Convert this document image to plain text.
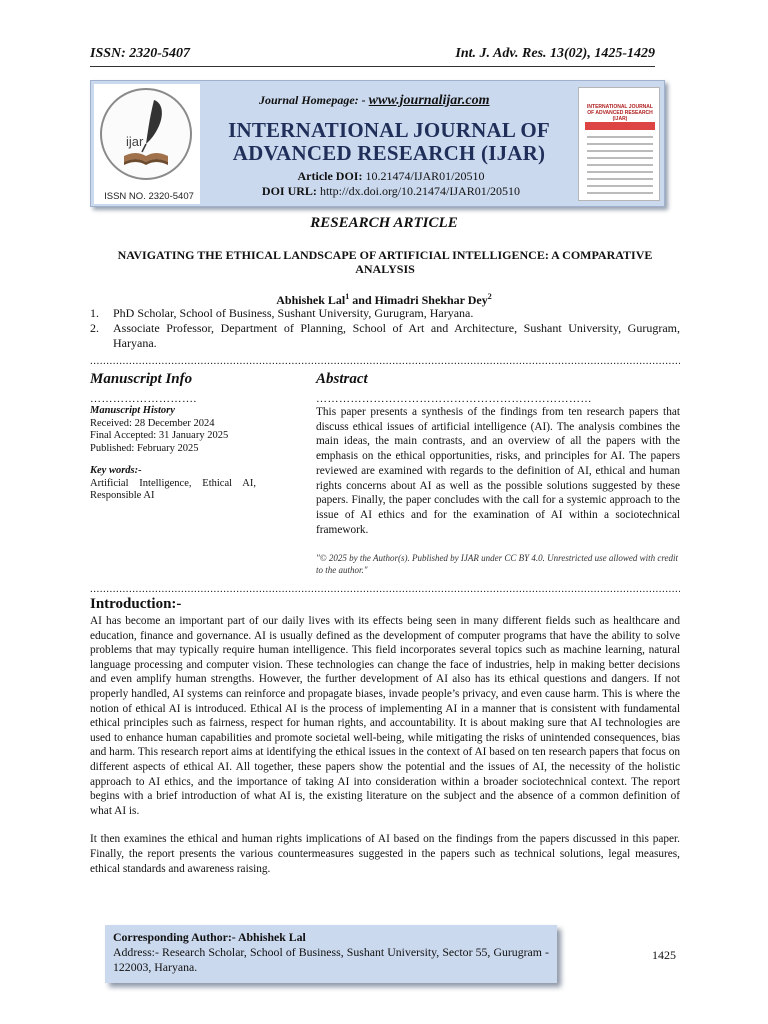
ISSN: 2320-5407	Int. J. Adv. Res. 13(02), 1425-1429
ijar
ISSN NO. 2320-5407
Journal Homepage: - www.journalijar.com
INTERNATIONAL JOURNAL OF ADVANCED RESEARCH (IJAR)
Article DOI: 10.21474/IJAR01/20510
DOI URL: http://dx.doi.org/10.21474/IJAR01/20510
INTERNATIONAL JOURNAL OF ADVANCED RESEARCH (IJAR)
RESEARCH ARTICLE
NAVIGATING THE ETHICAL LANDSCAPE OF ARTIFICIAL INTELLIGENCE: A COMPARATIVE ANALYSIS
Abhishek Lal$^1$ and Himadri Shekhar Dey$^2$
1.	PhD Scholar, School of Business, Sushant University, Gurugram, Haryana.
2.	Associate Professor, Department of Planning, School of Art and Architecture, Sushant University, Gurugram, Haryana.
.....
Manuscript Info	Abstract
……………………….	………………………………………………………………
Manuscript History
Received: 28 December 2024
Final Accepted: 31 January 2025
Published: February 2025
Key words:-
Artificial Intelligence, Ethical AI, Responsible AI
This paper presents a synthesis of the findings from ten research papers that discuss ethical issues of artificial intelligence (AI). The analysis combines the main ideas, the main contrasts, and an overview of all the papers with the emphasis on the ethical opportunities, risks, and principles for AI. The papers reviewed are examined with regards to the definition of AI, ethical and human rights concerns about AI as well as the possible solutions suggested by these papers. Finally, the paper concludes with the call for a systemic approach to the issue of AI ethics and for the examination of AI within a sociotechnical framework.
"© 2025 by the Author(s). Published by IJAR under CC BY 4.0. Unrestricted use allowed with credit to the author."
.....
Introduction:-

AI has become an important part of our daily lives with its effects being seen in many different fields such as healthcare and education, finance and governance. AI is usually defined as the development of computer programs that have the ability to solve problems that may typically require human intelligence. This field incorporates several topics such as machine learning, natural language processing and computer vision. These technologies can change the face of industries, help in making better decisions and even amplify human strengths. However, the further development of AI also has its ethical questions and dangers. If not properly handled, AI systems can reinforce and propagate biases, invade people’s privacy, and even cause harm. This is where the notion of ethical AI is introduced. Ethical AI is the process of implementing AI in a manner that is consistent with fundamental ethical principles such as fairness, respect for human rights, and accountability. It is about making sure that AI technologies are used to enhance human capabilities and promote societal well-being, while mitigating the risks of unintended consequences, bias and harm. This research report aims at identifying the ethical issues in the context of AI based on ten research papers that focus on different aspects of ethical AI. All together, these papers show the potential and the issues of AI, the necessity of the holistic approach to AI ethics, and the importance of taking AI into consideration within a broader sociotechnical context. The report begins with a brief introduction of what AI is, the existing literature on the subject and the absence of a common definition of what AI is.

It then examines the ethical and human rights implications of AI based on the findings from the papers discussed in this paper. Finally, the report presents the various countermeasures suggested in the papers such as technical solutions, legal measures, ethical standards and awareness raising.

Corresponding Author:- Abhishek Lal
Address:- Research Scholar, School of Business, Sushant University, Sector 55, Gurugram - 122003, Haryana.
1425
